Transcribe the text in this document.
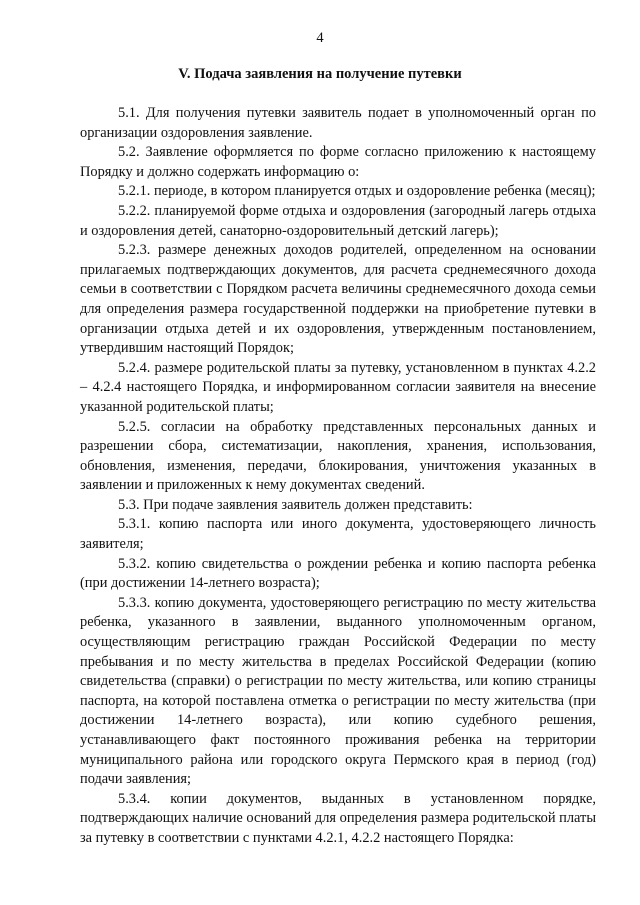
4
V. Подача заявления на получение путевки

5.1. Для получения путевки заявитель подает в уполномоченный орган по организации оздоровления заявление.

5.2. Заявление оформляется по форме согласно приложению к настоящему Порядку и должно содержать информацию о:

5.2.1. периоде, в котором планируется отдых и оздоровление ребенка (месяц);

5.2.2. планируемой форме отдыха и оздоровления (загородный лагерь отдыха и оздоровления детей, санаторно-оздоровительный детский лагерь);

5.2.3. размере денежных доходов родителей, определенном на основании прилагаемых подтверждающих документов, для расчета среднемесячного дохода семьи в соответствии с Порядком расчета величины среднемесячного дохода семьи для определения размера государственной поддержки на приобретение путевки в организации отдыха детей и их оздоровления, утвержденным постановлением, утвердившим настоящий Порядок;

5.2.4. размере родительской платы за путевку, установленном в пунктах 4.2.2 – 4.2.4 настоящего Порядка, и информированном согласии заявителя на внесение указанной родительской платы;

5.2.5. согласии на обработку представленных персональных данных и разрешении сбора, систематизации, накопления, хранения, использования, обновления, изменения, передачи, блокирования, уничтожения указанных в заявлении и приложенных к нему документах сведений.

5.3. При подаче заявления заявитель должен представить:

5.3.1. копию паспорта или иного документа, удостоверяющего личность заявителя;

5.3.2. копию свидетельства о рождении ребенка и копию паспорта ребенка (при достижении 14-летнего возраста);

5.3.3. копию документа, удостоверяющего регистрацию по месту жительства ребенка, указанного в заявлении, выданного уполномоченным органом, осуществляющим регистрацию граждан Российской Федерации по месту пребывания и по месту жительства в пределах Российской Федерации (копию свидетельства (справки) о регистрации по месту жительства, или копию страницы паспорта, на которой поставлена отметка о регистрации по месту жительства (при достижении 14-летнего возраста), или копию судебного решения, устанавливающего факт постоянного проживания ребенка на территории муниципального района или городского округа Пермского края в период (год) подачи заявления;

5.3.4. копии документов, выданных в установленном порядке, подтверждающих наличие оснований для определения размера родительской платы за путевку в соответствии с пунктами 4.2.1, 4.2.2 настоящего Порядка:
